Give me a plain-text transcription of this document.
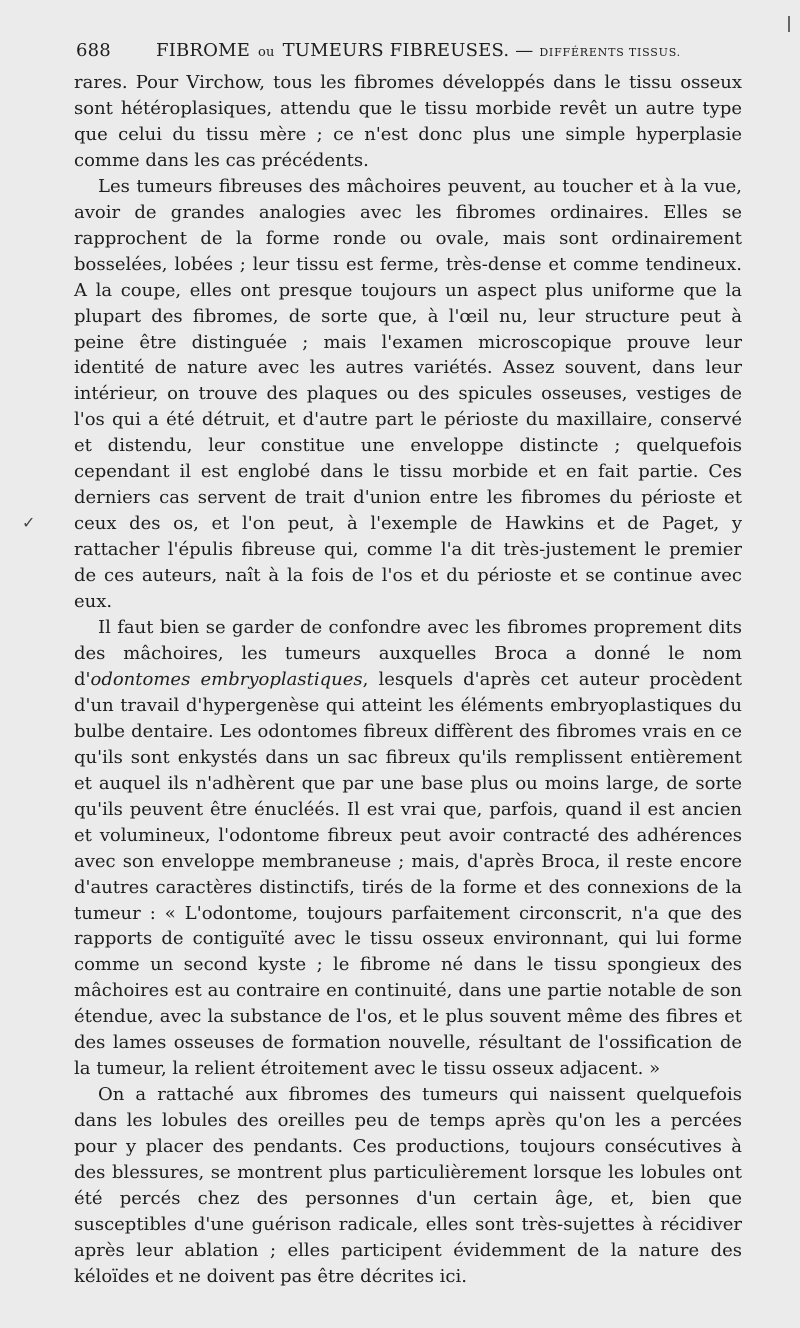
688	FIBROME ou TUMEURS FIBREUSES. — DIFFÉRENTS TISSUS.
✓

rares. Pour Virchow, tous les fibromes développés dans le tissu osseux sont hétéroplasiques, attendu que le tissu morbide revêt un autre type que celui du tissu mère ; ce n'est donc plus une simple hyperplasie comme dans les cas précédents.

Les tumeurs fibreuses des mâchoires peuvent, au toucher et à la vue, avoir de grandes analogies avec les fibromes ordinaires. Elles se rapprochent de la forme ronde ou ovale, mais sont ordinairement bosselées, lobées ; leur tissu est ferme, très-dense et comme tendineux. A la coupe, elles ont presque toujours un aspect plus uniforme que la plupart des fibromes, de sorte que, à l'œil nu, leur structure peut à peine être distinguée ; mais l'examen microscopique prouve leur identité de nature avec les autres variétés. Assez souvent, dans leur intérieur, on trouve des plaques ou des spicules osseuses, vestiges de l'os qui a été détruit, et d'autre part le périoste du maxillaire, conservé et distendu, leur constitue une enveloppe distincte ; quelquefois cependant il est englobé dans le tissu morbide et en fait partie. Ces derniers cas servent de trait d'union entre les fibromes du périoste et ceux des os, et l'on peut, à l'exemple de Hawkins et de Paget, y rattacher l'épulis fibreuse qui, comme l'a dit très-justement le premier de ces auteurs, naît à la fois de l'os et du périoste et se continue avec eux.

Il faut bien se garder de confondre avec les fibromes proprement dits des mâchoires, les tumeurs auxquelles Broca a donné le nom d'odontomes embryoplastiques, lesquels d'après cet auteur procèdent d'un travail d'hypergenèse qui atteint les éléments embryoplastiques du bulbe dentaire. Les odontomes fibreux diffèrent des fibromes vrais en ce qu'ils sont enkystés dans un sac fibreux qu'ils remplissent entièrement et auquel ils n'adhèrent que par une base plus ou moins large, de sorte qu'ils peuvent être énucléés. Il est vrai que, parfois, quand il est ancien et volumineux, l'odontome fibreux peut avoir contracté des adhérences avec son enveloppe membraneuse ; mais, d'après Broca, il reste encore d'autres caractères distinctifs, tirés de la forme et des connexions de la tumeur : « L'odontome, toujours parfaitement circonscrit, n'a que des rapports de contiguïté avec le tissu osseux environnant, qui lui forme comme un second kyste ; le fibrome né dans le tissu spongieux des mâchoires est au contraire en continuité, dans une partie notable de son étendue, avec la substance de l'os, et le plus souvent même des fibres et des lames osseuses de formation nouvelle, résultant de l'ossification de la tumeur, la relient étroitement avec le tissu osseux adjacent. »

On a rattaché aux fibromes des tumeurs qui naissent quelquefois dans les lobules des oreilles peu de temps après qu'on les a percées pour y placer des pendants. Ces productions, toujours consécutives à des blessures, se montrent plus particulièrement lorsque les lobules ont été percés chez des personnes d'un certain âge, et, bien que susceptibles d'une guérison radicale, elles sont très-sujettes à récidiver après leur ablation ; elles participent évidemment de la nature des kéloïdes et ne doivent pas être décrites ici.
